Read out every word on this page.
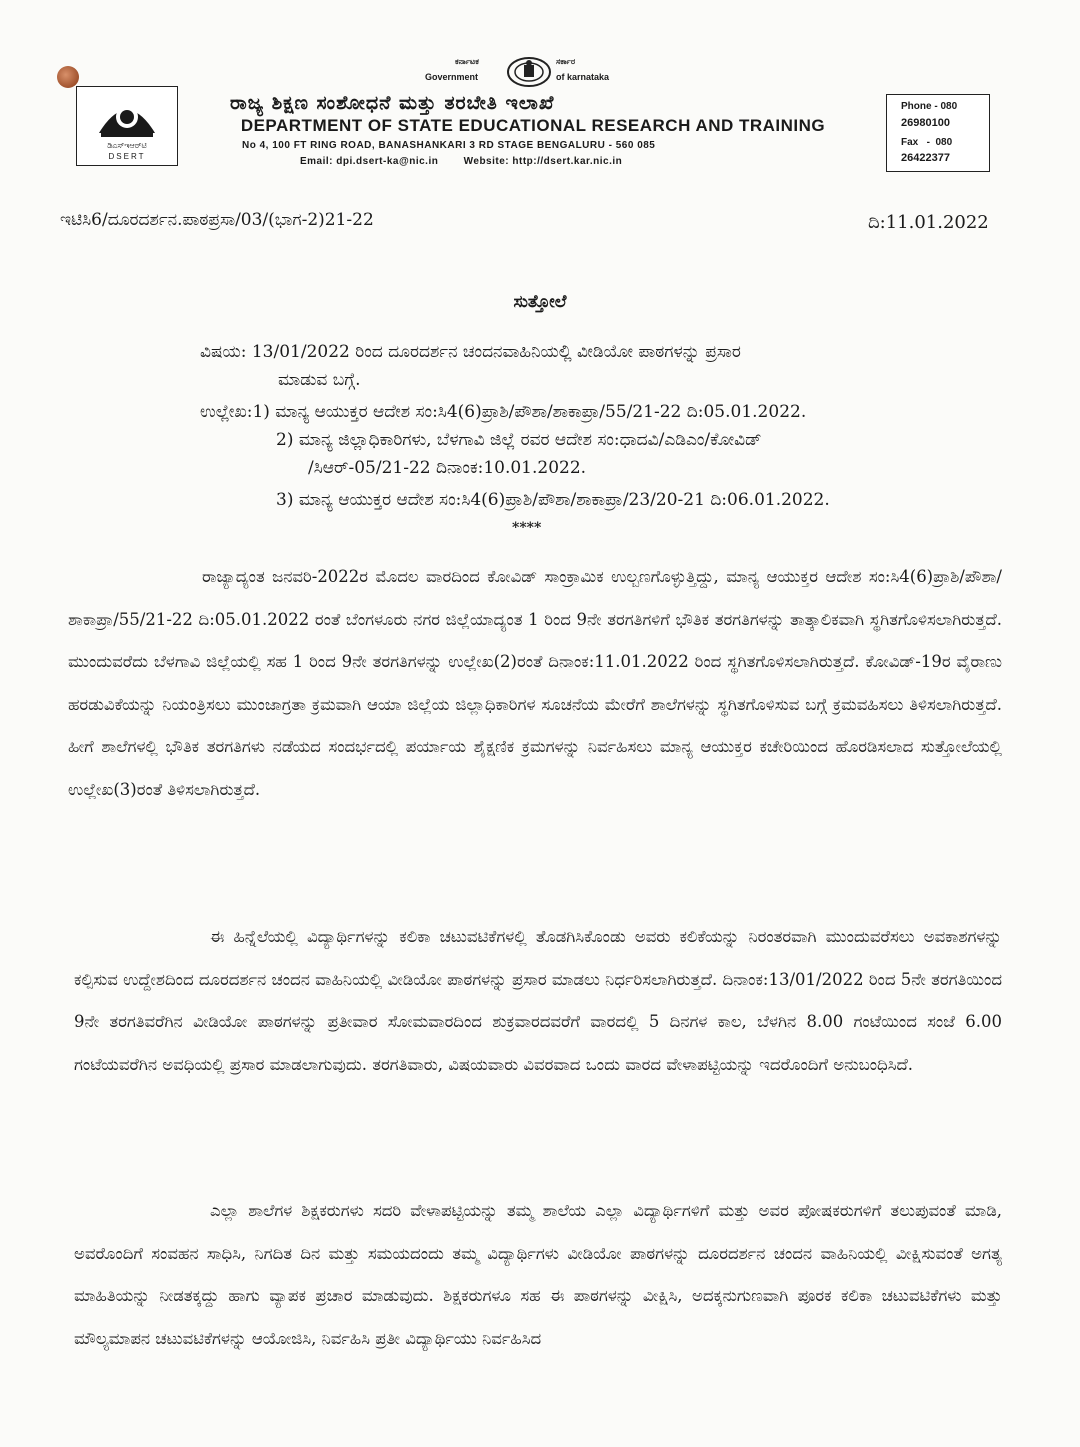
ಕರ್ನಾಟಕ	ಸರ್ಕಾರ
Government	of karnataka
ಡಿಎಸ್‌ಇಆರ್‌ಟಿ
DSERT
ರಾಜ್ಯ ಶಿಕ್ಷಣ ಸಂಶೋಧನೆ ಮತ್ತು ತರಬೇತಿ ಇಲಾಖೆ
DEPARTMENT OF STATE EDUCATIONAL RESEARCH AND TRAINING
No 4, 100 FT RING ROAD, BANASHANKARI 3 RD STAGE BENGALURU - 560 085
Email: dpi.dsert-ka@nic.in	Website: http://dsert.kar.nic.in
Phone - 080
26980100
Fax   -  080
26422377
ಇಟಿಸಿ6/ದೂರದರ್ಶನ.ಪಾಠಪ್ರಸಾ/03/(ಭಾಗ-2)21-22	ದಿ:11.01.2022
ಸುತ್ತೋಲೆ
ವಿಷಯ: 13/01/2022 ರಿಂದ ದೂರದರ್ಶನ ಚಂದನವಾಹಿನಿಯಲ್ಲಿ ವೀಡಿಯೋ ಪಾಠಗಳನ್ನು ಪ್ರಸಾರ
ಮಾಡುವ ಬಗ್ಗೆ.
ಉಲ್ಲೇಖ:1) ಮಾನ್ಯ ಆಯುಕ್ತರ ಆದೇಶ ಸಂ:ಸಿ4(6)ಪ್ರಾಶಿ/ಪೌಶಾ/ಶಾಕಾಪ್ರಾ/55/21-22 ದಿ:05.01.2022.
2) ಮಾನ್ಯ ಜಿಲ್ಲಾಧಿಕಾರಿಗಳು, ಬೆಳಗಾವಿ ಜಿಲ್ಲೆ ರವರ ಆದೇಶ ಸಂ:ಧಾದವಿ/ಎಡಿಎಂ/ಕೋವಿಡ್
/ಸಿಆರ್-05/21-22 ದಿನಾಂಕ:10.01.2022.
3) ಮಾನ್ಯ ಆಯುಕ್ತರ ಆದೇಶ ಸಂ:ಸಿ4(6)ಪ್ರಾಶಿ/ಪೌಶಾ/ಶಾಕಾಪ್ರಾ/23/20-21 ದಿ:06.01.2022.
****

ರಾಜ್ಯಾದ್ಯಂತ ಜನವರಿ-2022ರ ಮೊದಲ ವಾರದಿಂದ ಕೋವಿಡ್ ಸಾಂಕ್ರಾಮಿಕ ಉಲ್ಬಣಗೊಳ್ಳುತ್ತಿದ್ದು, ಮಾನ್ಯ ಆಯುಕ್ತರ ಆದೇಶ ಸಂ:ಸಿ4(6)ಪ್ರಾಶಿ/ಪೌಶಾ/ಶಾಕಾಪ್ರಾ/55/21-22 ದಿ:05.01.2022 ರಂತೆ ಬೆಂಗಳೂರು ನಗರ ಜಿಲ್ಲೆಯಾದ್ಯಂತ 1 ರಿಂದ 9ನೇ ತರಗತಿಗಳಿಗೆ ಭೌತಿಕ ತರಗತಿಗಳನ್ನು ತಾತ್ಕಾಲಿಕವಾಗಿ ಸ್ಥಗಿತಗೊಳಿಸಲಾಗಿರುತ್ತದೆ. ಮುಂದುವರೆದು ಬೆಳಗಾವಿ ಜಿಲ್ಲೆಯಲ್ಲಿ ಸಹ 1 ರಿಂದ 9ನೇ ತರಗತಿಗಳನ್ನು ಉಲ್ಲೇಖ(2)ರಂತೆ ದಿನಾಂಕ:11.01.2022 ರಿಂದ ಸ್ಥಗಿತಗೊಳಿಸಲಾಗಿರುತ್ತದೆ. ಕೋವಿಡ್-19ರ ವೈರಾಣು ಹರಡುವಿಕೆಯನ್ನು ನಿಯಂತ್ರಿಸಲು ಮುಂಜಾಗ್ರತಾ ಕ್ರಮವಾಗಿ ಆಯಾ ಜಿಲ್ಲೆಯ ಜಿಲ್ಲಾಧಿಕಾರಿಗಳ ಸೂಚನೆಯ ಮೇರೆಗೆ ಶಾಲೆಗಳನ್ನು ಸ್ಥಗಿತಗೊಳಿಸುವ ಬಗ್ಗೆ ಕ್ರಮವಹಿಸಲು ತಿಳಿಸಲಾಗಿರುತ್ತದೆ. ಹೀಗೆ ಶಾಲೆಗಳಲ್ಲಿ ಭೌತಿಕ ತರಗತಿಗಳು ನಡೆಯದ ಸಂದರ್ಭದಲ್ಲಿ ಪರ್ಯಾಯ ಶೈಕ್ಷಣಿಕ ಕ್ರಮಗಳನ್ನು ನಿರ್ವಹಿಸಲು ಮಾನ್ಯ ಆಯುಕ್ತರ ಕಚೇರಿಯಿಂದ ಹೊರಡಿಸಲಾದ ಸುತ್ತೋಲೆಯಲ್ಲಿ ಉಲ್ಲೇಖ(3)ರಂತೆ ತಿಳಿಸಲಾಗಿರುತ್ತದೆ.

ಈ ಹಿನ್ನೆಲೆಯಲ್ಲಿ ವಿದ್ಯಾರ್ಥಿಗಳನ್ನು ಕಲಿಕಾ ಚಟುವಟಿಕೆಗಳಲ್ಲಿ ತೊಡಗಿಸಿಕೊಂಡು ಅವರು ಕಲಿಕೆಯನ್ನು ನಿರಂತರವಾಗಿ ಮುಂದುವರೆಸಲು ಅವಕಾಶಗಳನ್ನು ಕಲ್ಪಿಸುವ ಉದ್ದೇಶದಿಂದ ದೂರದರ್ಶನ ಚಂದನ ವಾಹಿನಿಯಲ್ಲಿ ವೀಡಿಯೋ ಪಾಠಗಳನ್ನು ಪ್ರಸಾರ ಮಾಡಲು ನಿರ್ಧರಿಸಲಾಗಿರುತ್ತದೆ. ದಿನಾಂಕ:13/01/2022 ರಿಂದ 5ನೇ ತರಗತಿಯಿಂದ 9ನೇ ತರಗತಿವರೆಗಿನ ವೀಡಿಯೋ ಪಾಠಗಳನ್ನು ಪ್ರತೀವಾರ ಸೋಮವಾರದಿಂದ ಶುಕ್ರವಾರದವರೆಗೆ ವಾರದಲ್ಲಿ 5 ದಿನಗಳ ಕಾಲ, ಬೆಳಗಿನ 8.00 ಗಂಟೆಯಿಂದ ಸಂಜೆ 6.00 ಗಂಟೆಯವರೆಗಿನ ಅವಧಿಯಲ್ಲಿ ಪ್ರಸಾರ ಮಾಡಲಾಗುವುದು. ತರಗತಿವಾರು, ವಿಷಯವಾರು ವಿವರವಾದ ಒಂದು ವಾರದ ವೇಳಾಪಟ್ಟಿಯನ್ನು ಇದರೊಂದಿಗೆ ಅನುಬಂಧಿಸಿದೆ.

ಎಲ್ಲಾ ಶಾಲೆಗಳ ಶಿಕ್ಷಕರುಗಳು ಸದರಿ ವೇಳಾಪಟ್ಟಿಯನ್ನು ತಮ್ಮ ಶಾಲೆಯ ಎಲ್ಲಾ ವಿದ್ಯಾರ್ಥಿಗಳಿಗೆ ಮತ್ತು ಅವರ ಪೋಷಕರುಗಳಿಗೆ ತಲುಪುವಂತೆ ಮಾಡಿ, ಅವರೊಂದಿಗೆ ಸಂವಹನ ಸಾಧಿಸಿ, ನಿಗದಿತ ದಿನ ಮತ್ತು ಸಮಯದಂದು ತಮ್ಮ ವಿದ್ಯಾರ್ಥಿಗಳು ವೀಡಿಯೋ ಪಾಠಗಳನ್ನು ದೂರದರ್ಶನ ಚಂದನ ವಾಹಿನಿಯಲ್ಲಿ ವೀಕ್ಷಿಸುವಂತೆ ಅಗತ್ಯ ಮಾಹಿತಿಯನ್ನು ನೀಡತಕ್ಕದ್ದು ಹಾಗು ವ್ಯಾಪಕ ಪ್ರಚಾರ ಮಾಡುವುದು. ಶಿಕ್ಷಕರುಗಳೂ ಸಹ ಈ ಪಾಠಗಳನ್ನು ವೀಕ್ಷಿಸಿ, ಅದಕ್ಕನುಗುಣವಾಗಿ ಪೂರಕ ಕಲಿಕಾ ಚಟುವಟಿಕೆಗಳು ಮತ್ತು ಮೌಲ್ಯಮಾಪನ ಚಟುವಟಿಕೆಗಳನ್ನು ಆಯೋಜಿಸಿ, ನಿರ್ವಹಿಸಿ ಪ್ರತೀ ವಿದ್ಯಾರ್ಥಿಯು ನಿರ್ವಹಿಸಿದ
